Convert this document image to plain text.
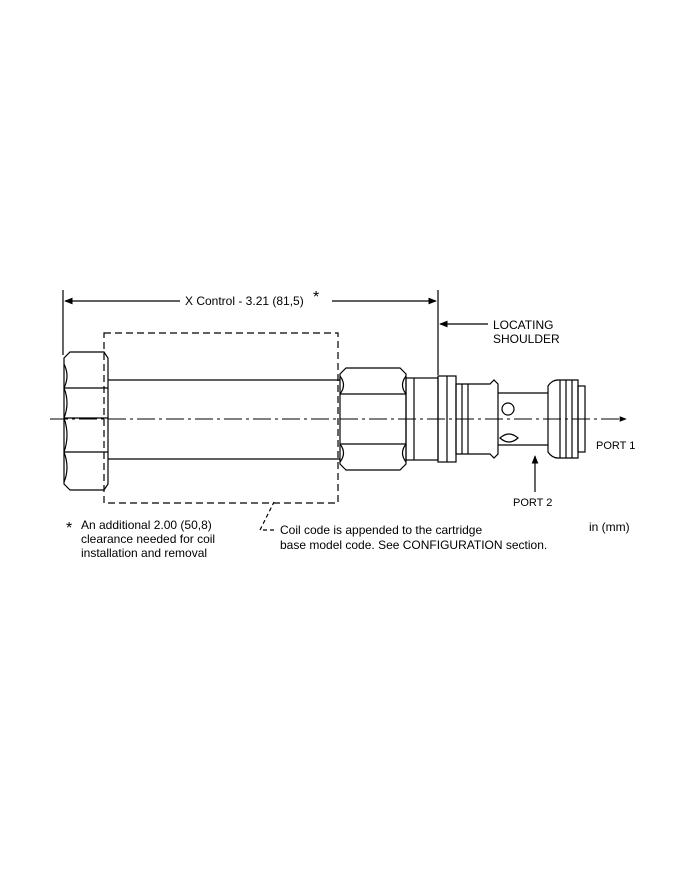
X Control - 3.21 (81,5) *
LOCATING
SHOULDER
PORT 1
PORT 2
in (mm)
* An additional 2.00 (50,8)
clearance needed for coil
installation and removal
Coil code is appended to the cartridge
base model code. See CONFIGURATION section.
